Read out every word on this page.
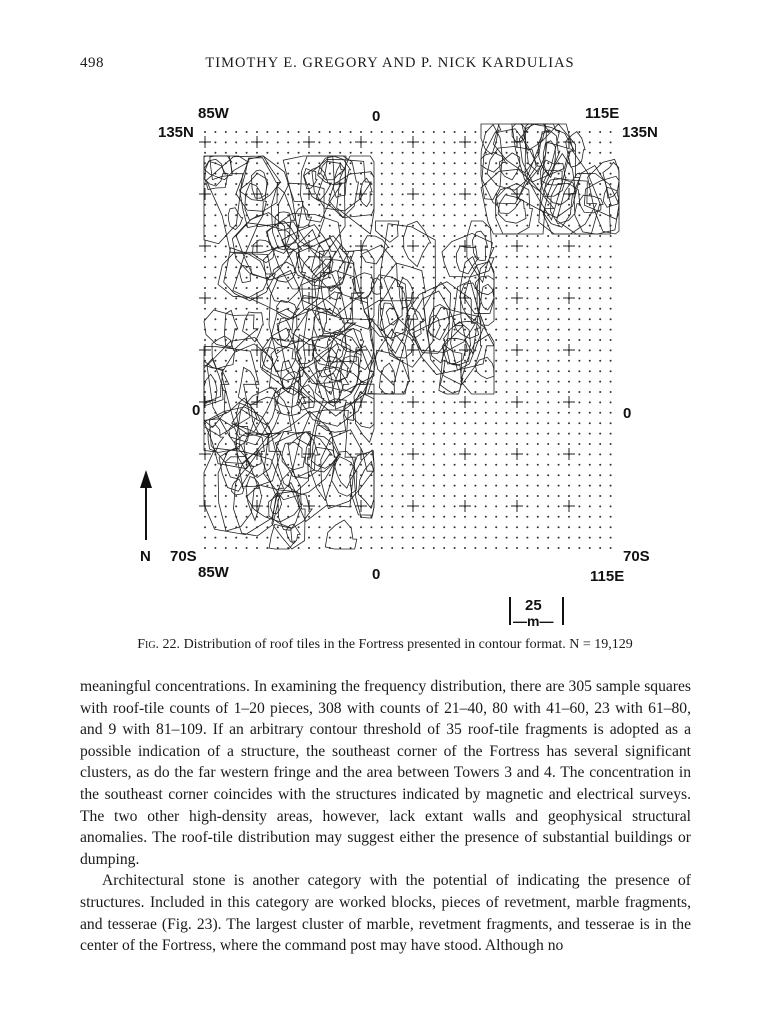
498	TIMOTHY E. GREGORY AND P. NICK KARDULIAS
85W	0	115E
135N	135N
0	0
N 70S	70S
85W	0	115E
25
—m—
Fig. 22. Distribution of roof tiles in the Fortress presented in contour format. N = 19,129

meaningful concentrations. In examining the frequency distribution, there are 305 sample squares with roof-tile counts of 1–20 pieces, 308 with counts of 21–40, 80 with 41–60, 23 with 61–80, and 9 with 81–109. If an arbitrary contour threshold of 35 roof-tile fragments is adopted as a possible indication of a structure, the southeast corner of the Fortress has several significant clusters, as do the far western fringe and the area between Towers 3 and 4. The concentration in the southeast corner coincides with the structures indicated by magnetic and electrical surveys. The two other high-density areas, however, lack extant walls and geophysical structural anomalies. The roof-tile distribution may suggest either the presence of substantial buildings or dumping.

Architectural stone is another category with the potential of indicating the presence of structures. Included in this category are worked blocks, pieces of revetment, marble fragments, and tesserae (Fig. 23). The largest cluster of marble, revetment fragments, and tesserae is in the center of the Fortress, where the command post may have stood. Although no
